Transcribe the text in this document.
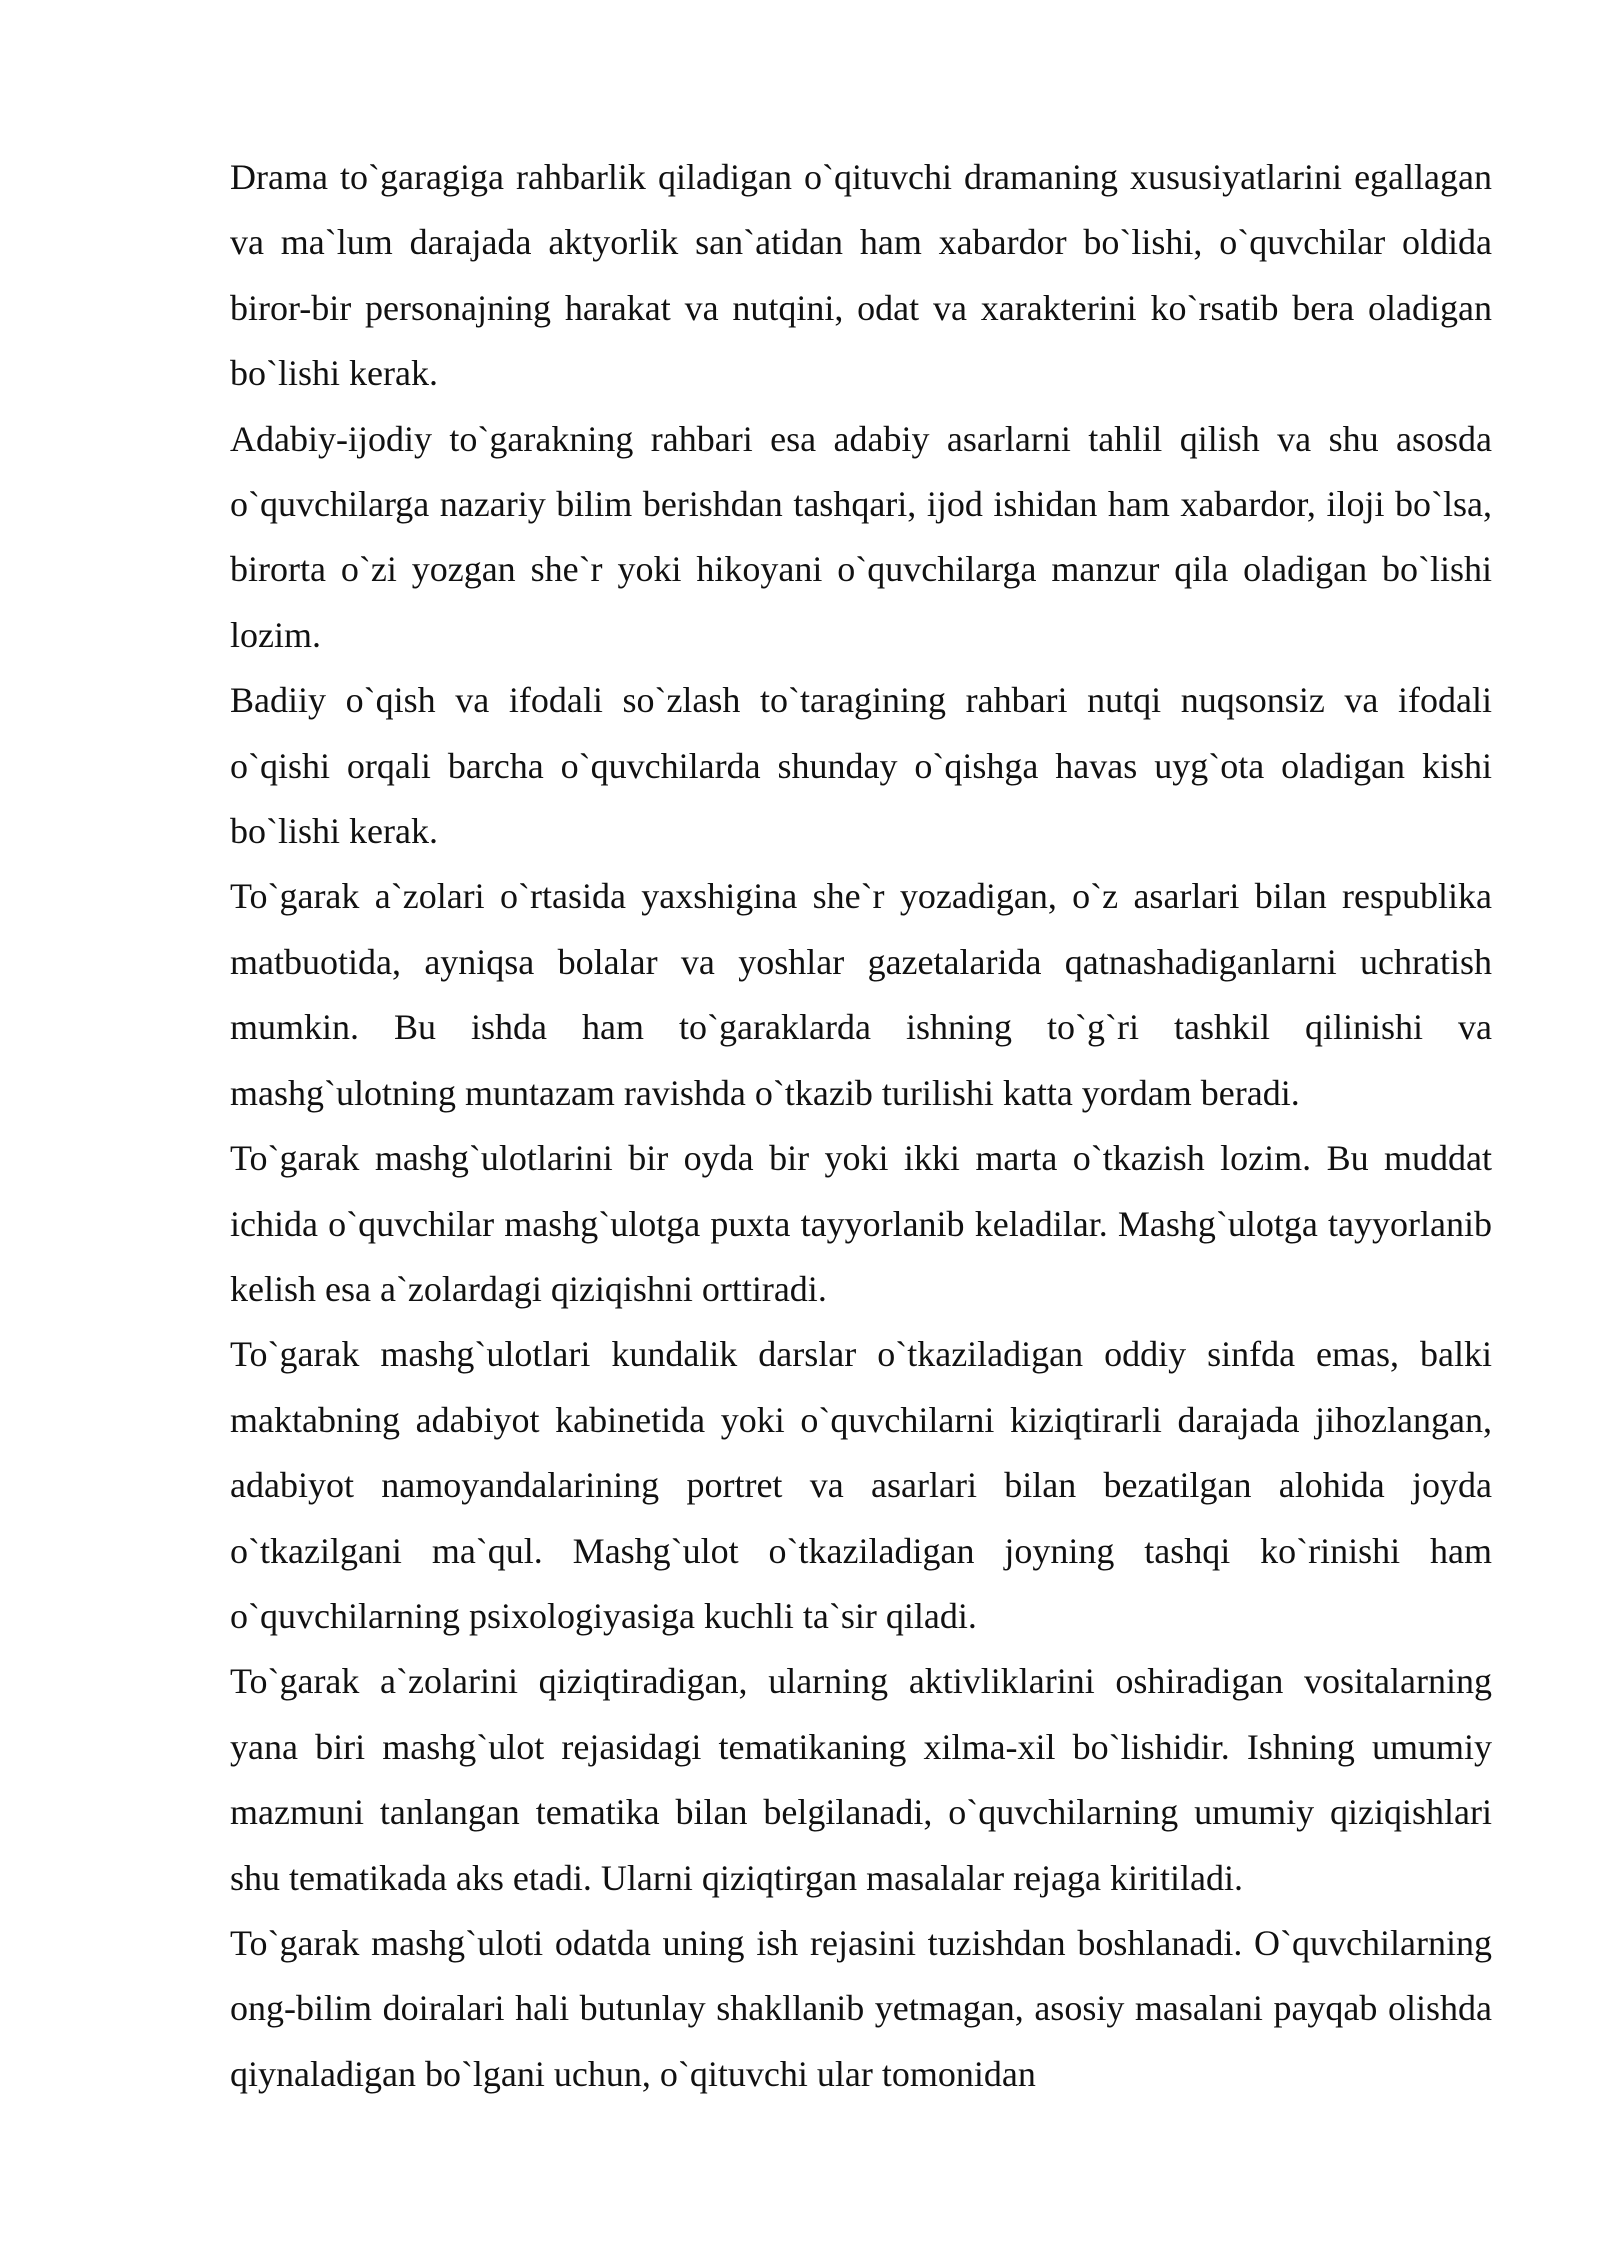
Drama to`garagiga rahbarlik qiladigan o`qituvchi dramaning xususiyatlarini egallagan va ma`lum darajada aktyorlik san`atidan ham xabardor bo`lishi, o`quvchilar oldida biror-bir personajning harakat va nutqini, odat va xarakterini ko`rsatib bera oladigan bo`lishi kerak.

Adabiy-ijodiy to`garakning rahbari esa adabiy asarlarni tahlil qilish va shu asosda o`quvchilarga nazariy bilim berishdan tashqari, ijod ishidan ham xabardor, iloji bo`lsa, birorta o`zi yozgan she`r yoki hikoyani o`quvchilarga manzur qila oladigan bo`lishi lozim.

Badiiy o`qish va ifodali so`zlash to`taragining rahbari nutqi nuqsonsiz va ifodali o`qishi orqali barcha o`quvchilarda shunday o`qishga havas uyg`ota oladigan kishi bo`lishi kerak.

To`garak a`zolari o`rtasida yaxshigina she`r yozadigan, o`z asarlari bilan respublika matbuotida, ayniqsa bolalar va yoshlar gazetalarida qatnashadiganlarni uchratish mumkin. Bu ishda ham to`garaklarda ishning to`g`ri tashkil qilinishi va mashg`ulotning muntazam ravishda o`tkazib turilishi katta yordam beradi.

To`garak mashg`ulotlarini bir oyda bir yoki ikki marta o`tkazish lozim. Bu muddat ichida o`quvchilar mashg`ulotga puxta tayyorlanib keladilar. Mashg`ulotga tayyorlanib kelish esa a`zolardagi qiziqishni orttiradi.

To`garak mashg`ulotlari kundalik darslar o`tkaziladigan oddiy sinfda emas, balki maktabning adabiyot kabinetida yoki o`quvchilarni kiziqtirarli darajada jihozlangan, adabiyot namoyandalarining portret va asarlari bilan bezatilgan alohida joyda o`tkazilgani ma`qul. Mashg`ulot o`tkaziladigan joyning tashqi ko`rinishi ham o`quvchilarning psixologiyasiga kuchli ta`sir qiladi.

To`garak a`zolarini qiziqtiradigan, ularning aktivliklarini oshiradigan vositalarning yana biri mashg`ulot rejasidagi tematikaning xilma-xil bo`lishidir. Ishning umumiy mazmuni tanlangan tematika bilan belgilanadi, o`quvchilarning umumiy qiziqishlari shu tematikada aks etadi. Ularni qiziqtirgan masalalar rejaga kiritiladi.

To`garak mashg`uloti odatda uning ish rejasini tuzishdan boshlanadi. O`quvchilarning ong-bilim doiralari hali butunlay shakllanib yetmagan, asosiy masalani payqab olishda qiynaladigan bo`lgani uchun, o`qituvchi ular tomonidan
